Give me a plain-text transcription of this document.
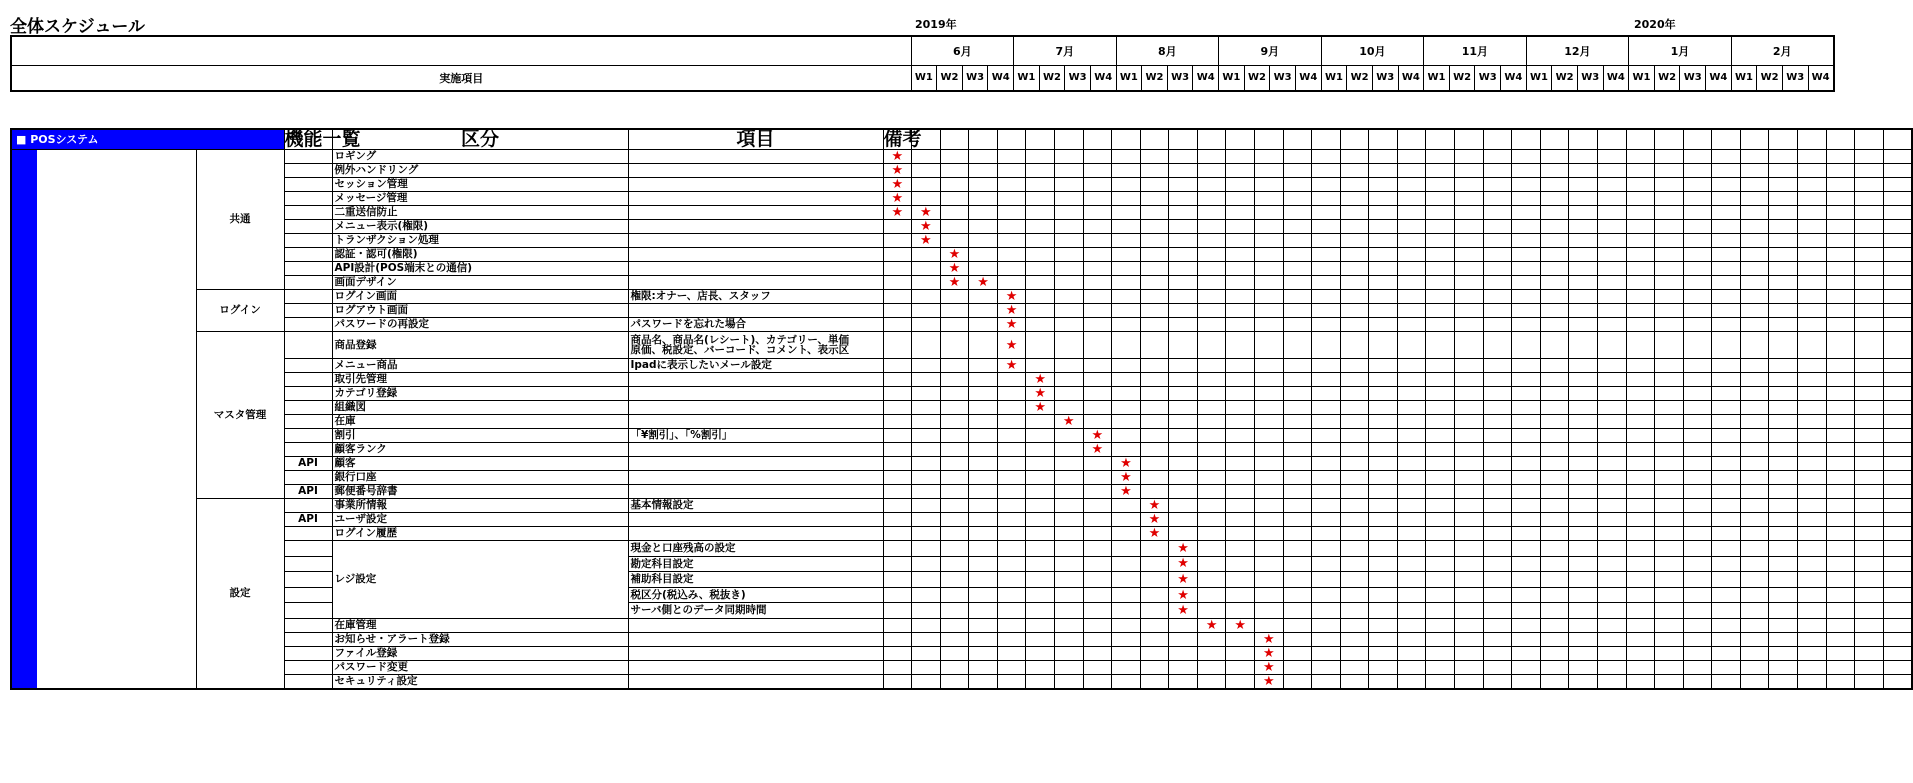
全体スケジュール	2019年	2020年
	6月				7月				8月				9月				10月				11月				12月				1月				2月			
実施項目	W1	W2	W3	W4	W1	W2	W3	W4	W1	W2	W3	W4	W1	W2	W3	W4	W1	W2	W3	W4	W1	W2	W3	W4	W1	W2	W3	W4	W1	W2	W3	W4	W1	W2	W3	W4
■ POSシステム		機能一覧	区分	項目	備考																																				
	共通		ロギング		★																																				
			例外ハンドリング		★																																				
			セッション管理		★																																				
			メッセージ管理		★																																				
			二重送信防止		★	★																																			
			メニュー表示(権限)			★																																			
			トランザクション処理			★																																			
			認証・認可(権限)				★																																		
			API設計(POS端末との通信)				★																																		
			画面デザイン				★	★																																	
	ログイン		ログイン画面	権限:オナー、店長、スタッフ					★																																
			ログアウト画面						★																																
			パスワードの再設定	パスワードを忘れた場合					★																																
	マスタ管理		商品登録	商品名、商品名(レシート)、カテゴリー、単価
原価、税設定、バーコード、コメント、表示区					★																																
			メニュー商品	Ipadに表示したいメール設定					★																																
			取引先管理							★																															
			カテゴリ登録							★																															
			組織図							★																															
			在庫								★																														
			割引	「¥割引」、「%割引」								★																													
			顧客ランク									★																													
		API	顧客										★																												
			銀行口座										★																												
		API	郵便番号辞書										★																												
	設定		事業所情報	基本情報設定										★																											
		API	ユーザ設定											★																											
			ログイン履歴											★																											
			レジ設定	現金と口座残高の設定											★																										
				勘定科目設定											★																										
				補助科目設定											★																										
				税区分(税込み、税抜き)											★																										
				サーバ側とのデータ同期時間											★																										
			在庫管理													★	★																								
			お知らせ・アラート登録															★																							
			ファイル登録															★																							
			パスワード変更															★																							
			セキュリティ設定															★																							
